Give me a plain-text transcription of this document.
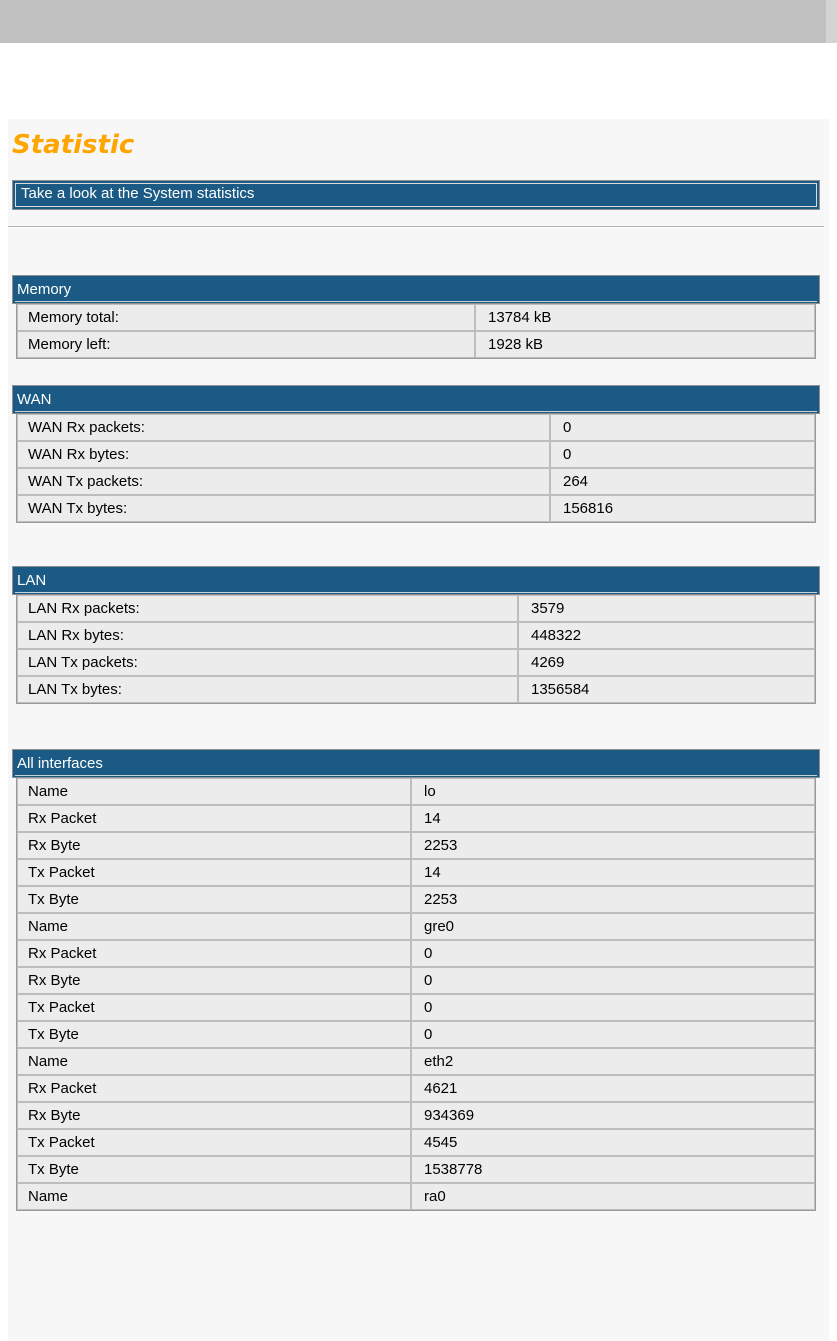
Statistic
Take a look at the System statistics
Memory
Memory total:	13784 kB
Memory left:	1928 kB
WAN
WAN Rx packets:	0
WAN Rx bytes:	0
WAN Tx packets:	264
WAN Tx bytes:	156816
LAN
LAN Rx packets:	3579
LAN Rx bytes:	448322
LAN Tx packets:	4269
LAN Tx bytes:	1356584
All interfaces
Name	lo
Rx Packet	14
Rx Byte	2253
Tx Packet	14
Tx Byte	2253
Name	gre0
Rx Packet	0
Rx Byte	0
Tx Packet	0
Tx Byte	0
Name	eth2
Rx Packet	4621
Rx Byte	934369
Tx Packet	4545
Tx Byte	1538778
Name	ra0
